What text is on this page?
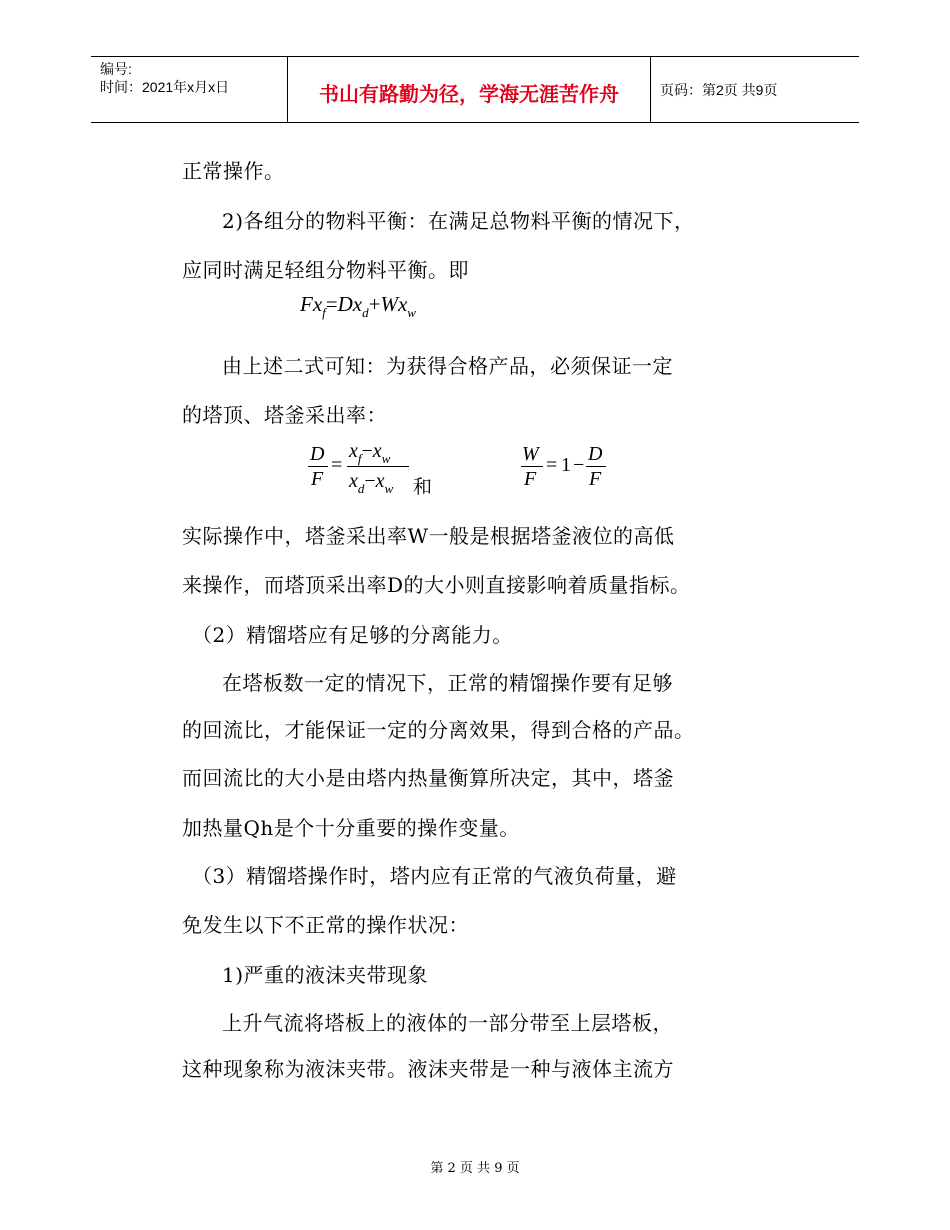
编号:
时间：2021年x月x日	书山有路勤为径，学海无涯苦作舟	页码：第2页 共9页
正常操作。
2)各组分的物料平衡：在满足总物料平衡的情况下，
应同时满足轻组分物料平衡。即
$Fx_f=Dx_d+Wx_w$
由上述二式可知：为获得合格产品，必须保证一定
的塔顶、塔釜采出率：
D
F
=
$x_f-x_w$
$x_d-x_w$ 和
W
F
= 1 − D
F
实际操作中，塔釜采出率W一般是根据塔釜液位的高低
来操作，而塔顶采出率D的大小则直接影响着质量指标。
（2）精馏塔应有足够的分离能力。
在塔板数一定的情况下，正常的精馏操作要有足够
的回流比，才能保证一定的分离效果，得到合格的产品。
而回流比的大小是由塔内热量衡算所决定，其中，塔釜
加热量Qh是个十分重要的操作变量。
（3）精馏塔操作时，塔内应有正常的气液负荷量，避
免发生以下不正常的操作状况：
1)严重的液沫夹带现象
上升气流将塔板上的液体的一部分带至上层塔板，
这种现象称为液沫夹带。液沫夹带是一种与液体主流方
第 2 页 共 9 页
